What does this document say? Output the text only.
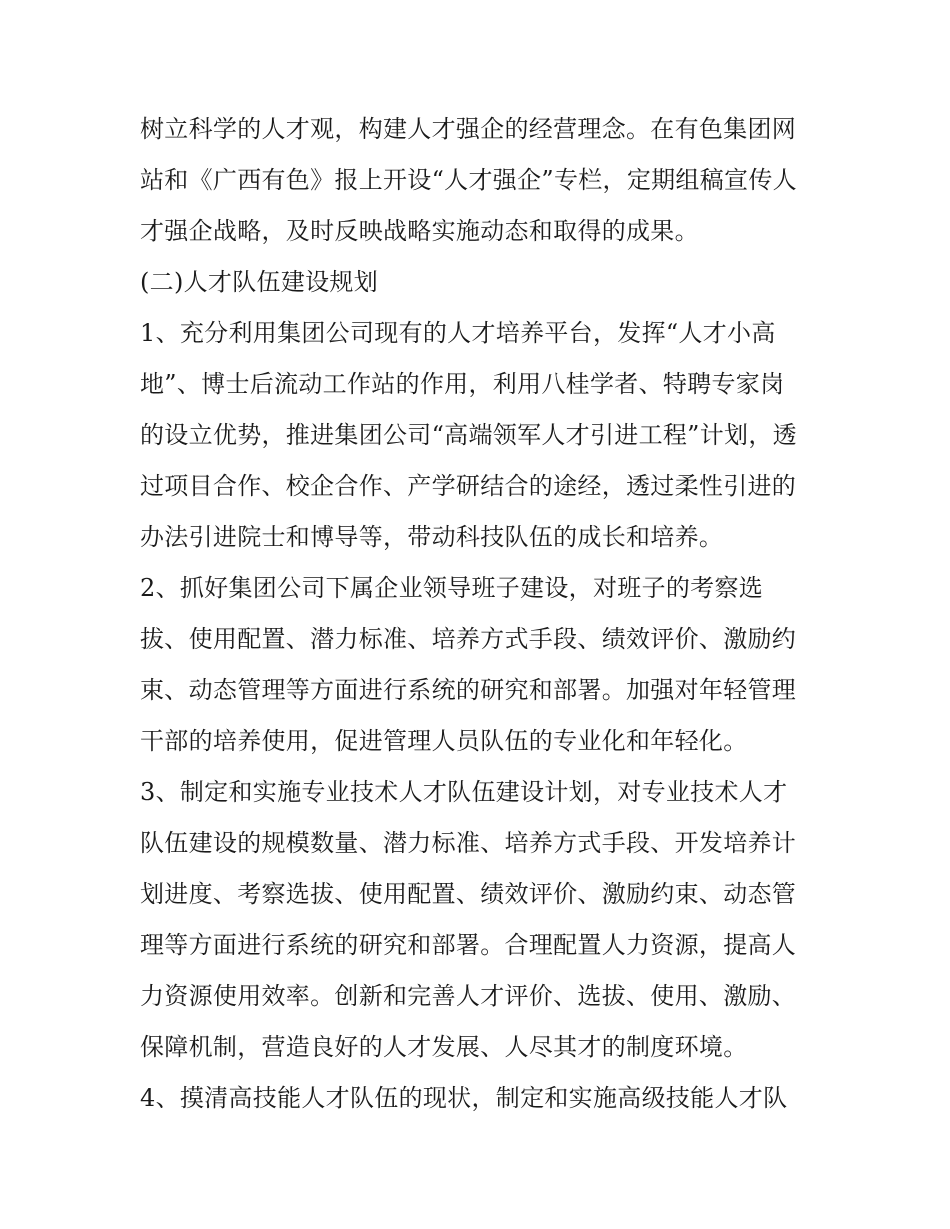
树立科学的人才观，构建人才强企的经营理念。在有色集团网
站和《广西有色》报上开设“人才强企”专栏，定期组稿宣传人
才强企战略，及时反映战略实施动态和取得的成果。
(二)人才队伍建设规划
1、充分利用集团公司现有的人才培养平台，发挥“人才小高
地”、博士后流动工作站的作用，利用八桂学者、特聘专家岗
的设立优势，推进集团公司“高端领军人才引进工程”计划，透
过项目合作、校企合作、产学研结合的途经，透过柔性引进的
办法引进院士和博导等，带动科技队伍的成长和培养。
2、抓好集团公司下属企业领导班子建设，对班子的考察选
拔、使用配置、潜力标准、培养方式手段、绩效评价、激励约
束、动态管理等方面进行系统的研究和部署。加强对年轻管理
干部的培养使用，促进管理人员队伍的专业化和年轻化。
3、制定和实施专业技术人才队伍建设计划，对专业技术人才
队伍建设的规模数量、潜力标准、培养方式手段、开发培养计
划进度、考察选拔、使用配置、绩效评价、激励约束、动态管
理等方面进行系统的研究和部署。合理配置人力资源，提高人
力资源使用效率。创新和完善人才评价、选拔、使用、激励、
保障机制，营造良好的人才发展、人尽其才的制度环境。
4、摸清高技能人才队伍的现状，制定和实施高级技能人才队
